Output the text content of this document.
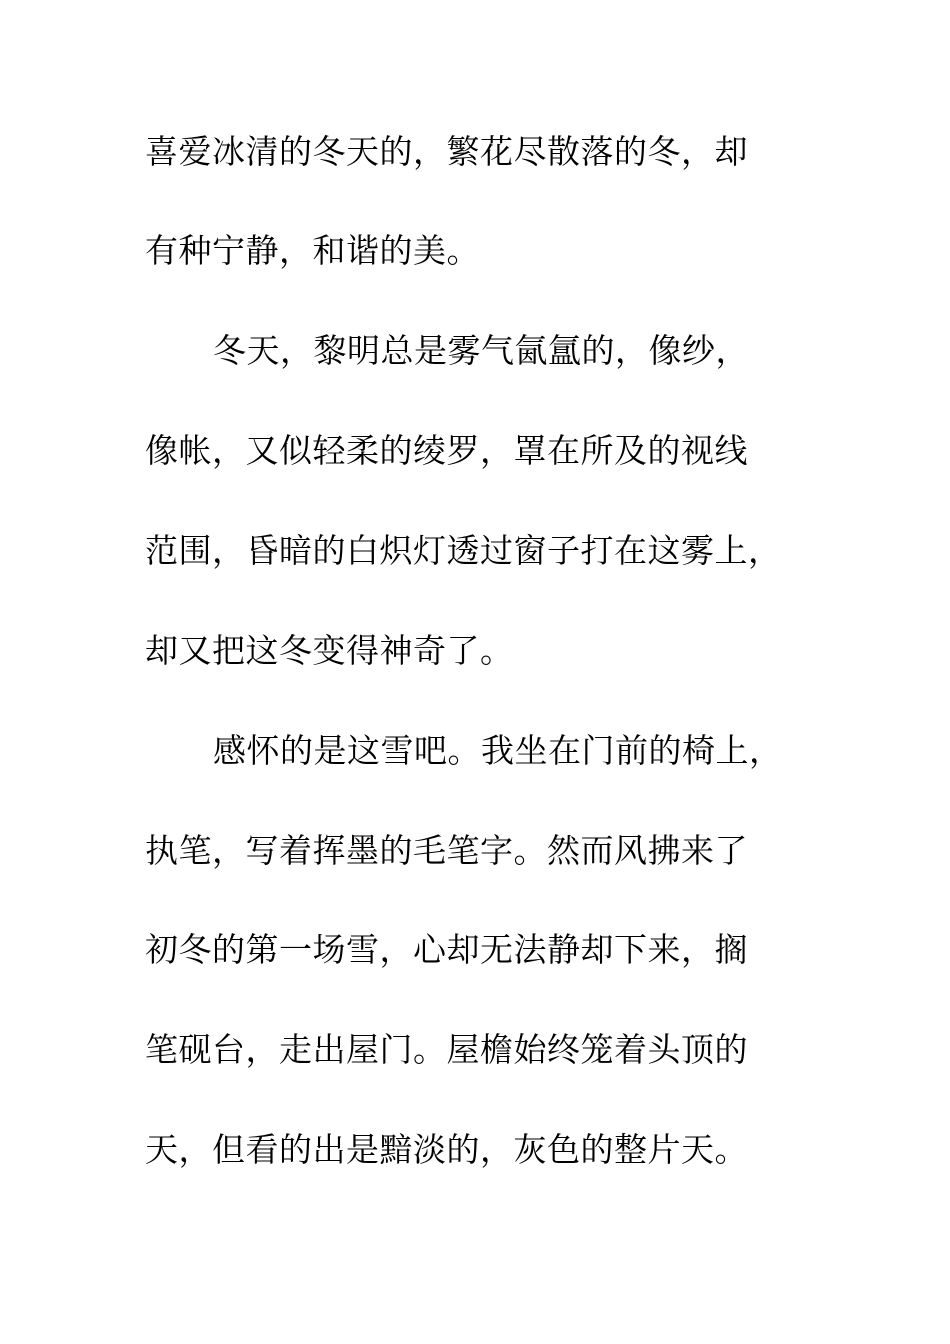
喜爱冰清的冬天的，繁花尽散落的冬，却
有种宁静，和谐的美。
冬天，黎明总是雾气氤氲的，像纱，
像帐，又似轻柔的绫罗，罩在所及的视线
范围，昏暗的白炽灯透过窗子打在这雾上，
却又把这冬变得神奇了。
感怀的是这雪吧。我坐在门前的椅上，
执笔，写着挥墨的毛笔字。然而风拂来了
初冬的第一场雪，心却无法静却下来，搁
笔砚台，走出屋门。屋檐始终笼着头顶的
天，但看的出是黯淡的，灰色的整片天。
